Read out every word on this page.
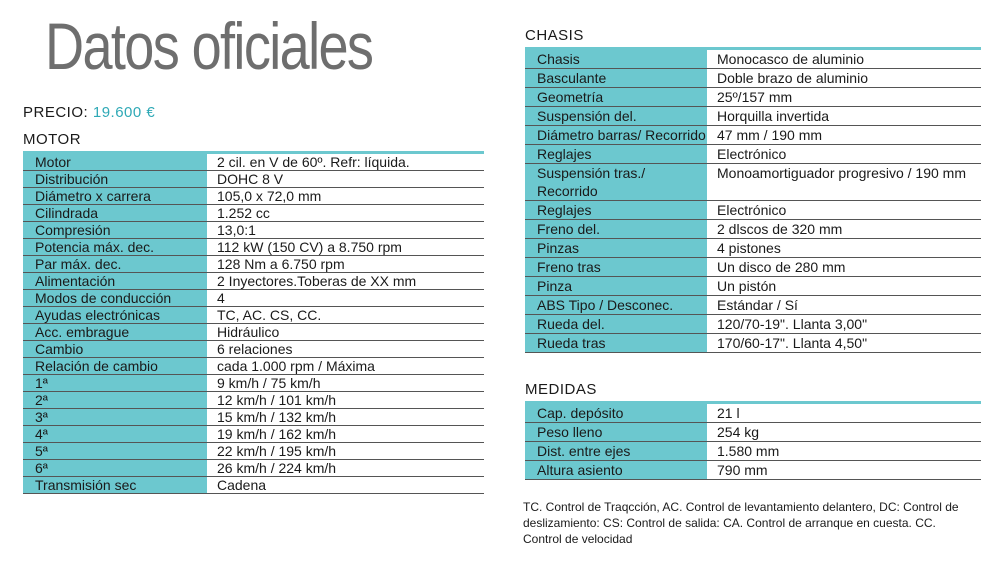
Datos oficiales
PRECIO: 19.600 €
MOTOR
Motor	2 cil. en V de 60º. Refr: líquida.
Distribución	DOHC 8 V
Diámetro x carrera	105,0 x 72,0 mm
Cilindrada	1.252 cc
Compresión	13,0:1
Potencia máx. dec.	112 kW (150 CV) a 8.750 rpm
Par máx. dec.	128 Nm a 6.750 rpm
Alimentación	2 Inyectores.Toberas de XX mm
Modos de conducción	4
Ayudas electrónicas	TC, AC. CS, CC.
Acc. embrague	Hidráulico
Cambio	6 relaciones
Relación de cambio	cada 1.000 rpm / Máxima
1ª	9 km/h / 75 km/h
2ª	12 km/h / 101 km/h
3ª	15 km/h / 132 km/h
4ª	19 km/h / 162 km/h
5ª	22 km/h / 195 km/h
6ª	26 km/h / 224 km/h
Transmisión sec	Cadena
CHASIS
Chasis	Monocasco de aluminio
Basculante	Doble brazo de aluminio
Geometría	25º/157 mm
Suspensión del.	Horquilla invertida
Diámetro barras/ Recorrido	47 mm / 190 mm
Reglajes	Electrónico
Suspensión tras./ Recorrido	Monoamortiguador progresivo / 190 mm
Reglajes	Electrónico
Freno del.	2 dlscos de 320 mm
Pinzas	4 pistones
Freno tras	Un disco de 280 mm
Pinza	Un pistón
ABS Tipo / Desconec.	Estándar / Sí
Rueda del.	120/70-19". Llanta 3,00"
Rueda tras	170/60-17". Llanta 4,50"
MEDIDAS
Cap. depósito	21 l
Peso lleno	254 kg
Dist. entre ejes	1.580 mm
Altura asiento	790 mm
TC. Control de Traqcción, AC. Control de levantamiento delantero, DC: Control de deslizamiento: CS: Control de salida: CA. Control de arranque en cuesta. CC. Control de velocidad
